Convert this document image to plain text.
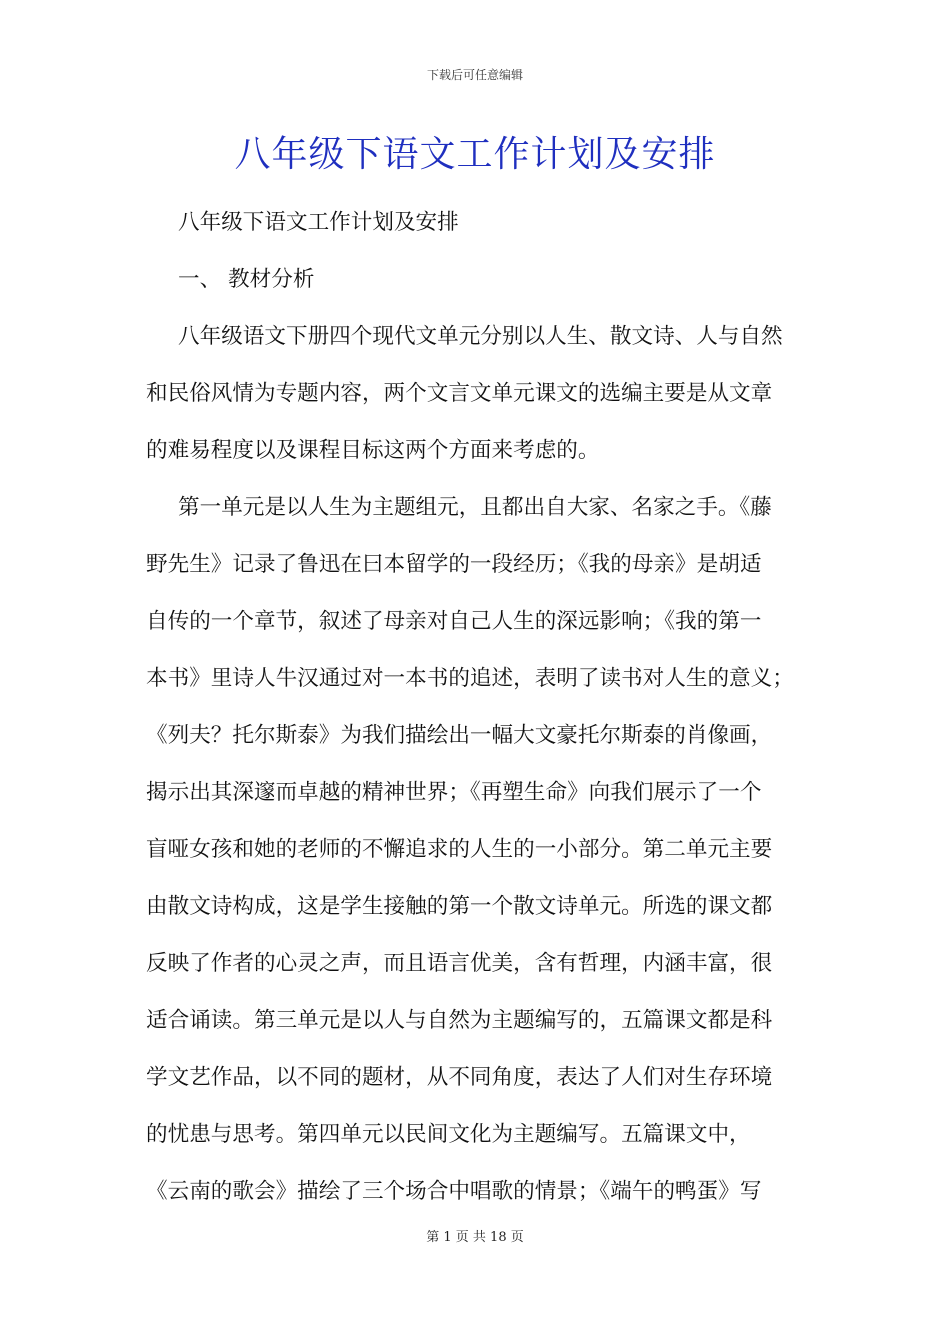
下载后可任意编辑
八年级下语文工作计划及安排
八年级下语文工作计划及安排
一、 教材分析
八年级语文下册四个现代文单元分别以人生、散文诗、人与自然
和民俗风情为专题内容，两个文言文单元课文的选编主要是从文章
的难易程度以及课程目标这两个方面来考虑的。
第一单元是以人生为主题组元，且都出自大家、名家之手。《藤
野先生》记录了鲁迅在曰本留学的一段经历；《我的母亲》是胡适
自传的一个章节，叙述了母亲对自己人生的深远影响；《我的第一
本书》里诗人牛汉通过对一本书的追述，表明了读书对人生的意义；
《列夫？托尔斯泰》为我们描绘出一幅大文豪托尔斯泰的肖像画，
揭示出其深邃而卓越的精神世界；《再塑生命》向我们展示了一个
盲哑女孩和她的老师的不懈追求的人生的一小部分。第二单元主要
由散文诗构成，这是学生接触的第一个散文诗单元。所选的课文都
反映了作者的心灵之声，而且语言优美，含有哲理，内涵丰富，很
适合诵读。第三单元是以人与自然为主题编写的，五篇课文都是科
学文艺作品，以不同的题材，从不同角度，表达了人们对生存环境
的忧患与思考。第四单元以民间文化为主题编写。五篇课文中，
《云南的歌会》描绘了三个场合中唱歌的情景；《端午的鸭蛋》写
第 1 页 共 18 页
